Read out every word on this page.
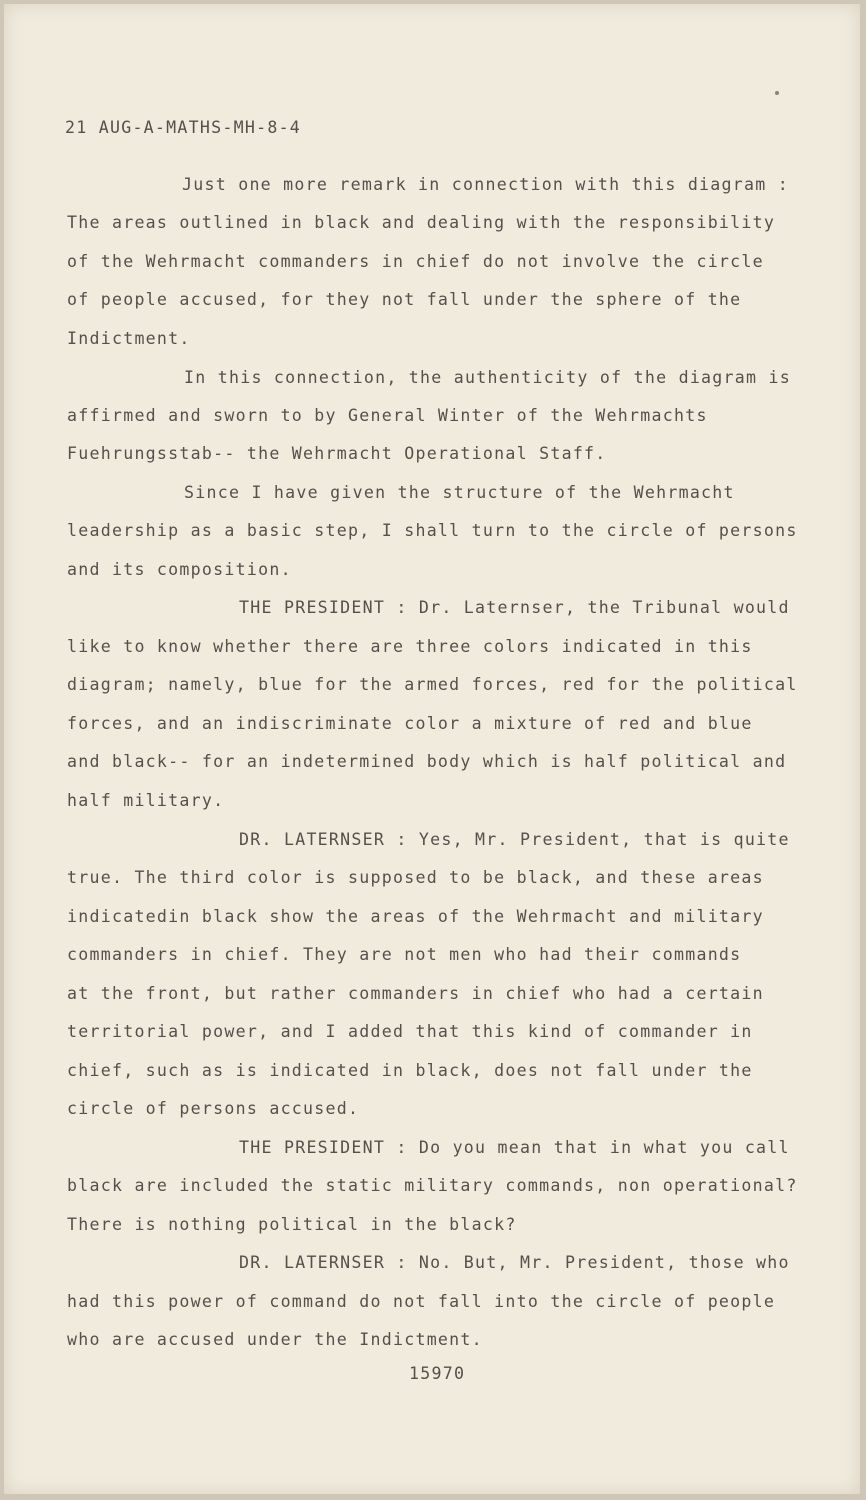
21 AUG-A-MATHS-MH-8-4

Just one more remark in connection with this diagram :

The areas outlined in black and dealing with the responsibility

of the Wehrmacht commanders in chief do not involve the circle

of people accused, for they not fall under the sphere of the

Indictment.

In this connection, the authenticity of the diagram is

affirmed and sworn to by General Winter of the Wehrmachts

Fuehrungsstab-- the Wehrmacht Operational Staff.

Since I have given the structure of the Wehrmacht

leadership as a basic step, I shall turn to the circle of persons

and its composition.

THE PRESIDENT : Dr. Laternser, the Tribunal would

like to know whether there are three colors indicated in this

diagram; namely, blue for the armed forces, red for the political

forces, and an indiscriminate color a mixture of red and blue

and black-- for an indetermined body which is half political and

half military.

DR. LATERNSER : Yes, Mr. President, that is quite

true. The third color is supposed to be black, and these areas

indicatedin black show the areas of the Wehrmacht and military

commanders in chief. They are not men who had their commands

at the front, but rather commanders in chief who had a certain

territorial power, and I added that this kind of commander in

chief, such as is indicated in black, does not fall under the

circle of persons accused.

THE PRESIDENT : Do you mean that in what you call

black are included the static military commands, non operational?

There is nothing political in the black?

DR. LATERNSER : No. But, Mr. President, those who

had this power of command do not fall into the circle of people

who are accused under the Indictment.

15970
